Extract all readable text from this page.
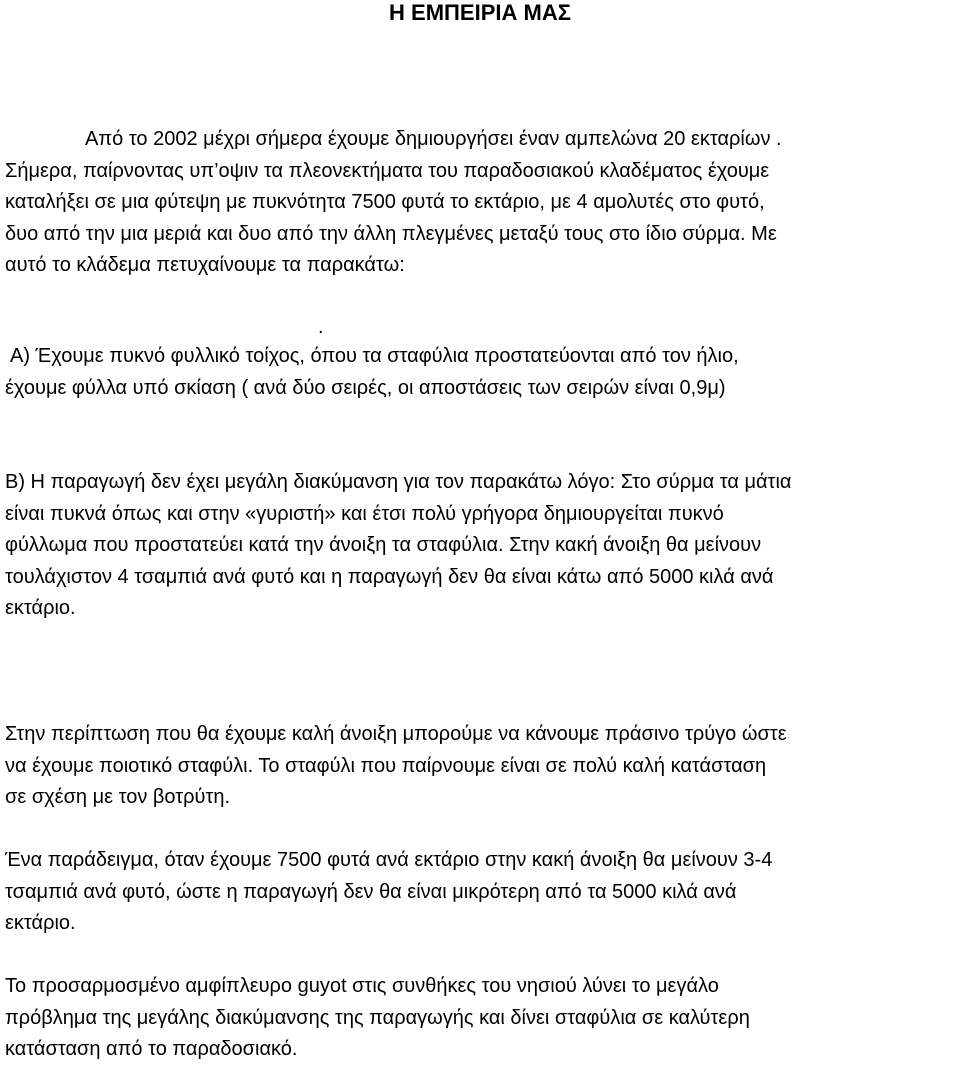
Η ΕΜΠΕΙΡΙΑ ΜΑΣ

Από το 2002 μέχρι σήμερα έχουμε δημιουργήσει έναν αμπελώνα 20 εκταρίων .
Σήμερα, παίρνοντας υπ’οψιν τα πλεονεκτήματα του παραδοσιακού κλαδέματος έχουμε
καταλήξει σε μια φύτεψη με πυκνότητα 7500 φυτά το εκτάριο, με 4 αμολυτές στο φυτό,
δυο από την μια μεριά και δυο από την άλλη πλεγμένες μεταξύ τους στο ίδιο σύρμα. Με
αυτό το κλάδεμα πετυχαίνουμε τα παρακάτω:

.

Α) Έχουμε πυκνό φυλλικό τοίχος, όπου τα σταφύλια προστατεύονται από τον ήλιο,
έχουμε φύλλα υπό σκίαση ( ανά δύο σειρές, οι αποστάσεις των σειρών είναι 0,9μ)

Β) Η παραγωγή δεν έχει μεγάλη διακύμανση για τον παρακάτω λόγο: Στο σύρμα τα μάτια
είναι πυκνά όπως και στην «γυριστή» και έτσι πολύ γρήγορα δημιουργείται πυκνό
φύλλωμα που προστατεύει κατά την άνοιξη τα σταφύλια. Στην κακή άνοιξη θα μείνουν
τουλάχιστον 4 τσαμπιά ανά φυτό και η παραγωγή δεν θα είναι κάτω από 5000 κιλά ανά
εκτάριο.

Στην περίπτωση που θα έχουμε καλή άνοιξη μπορούμε να κάνουμε πράσινο τρύγο ώστε
να έχουμε ποιοτικό σταφύλι. Το σταφύλι που παίρνουμε είναι σε πολύ καλή κατάσταση
σε σχέση με τον βοτρύτη.

Ένα παράδειγμα, όταν έχουμε 7500 φυτά ανά εκτάριο στην κακή άνοιξη θα μείνουν 3-4
τσαμπιά ανά φυτό, ώστε η παραγωγή δεν θα είναι μικρότερη από τα 5000 κιλά ανά
εκτάριο.

Το προσαρμοσμένο αμφίπλευρο guyot στις συνθήκες του νησιού λύνει το μεγάλο
πρόβλημα της μεγάλης διακύμανσης της παραγωγής και δίνει σταφύλια σε καλύτερη
κατάσταση από το παραδοσιακό.
